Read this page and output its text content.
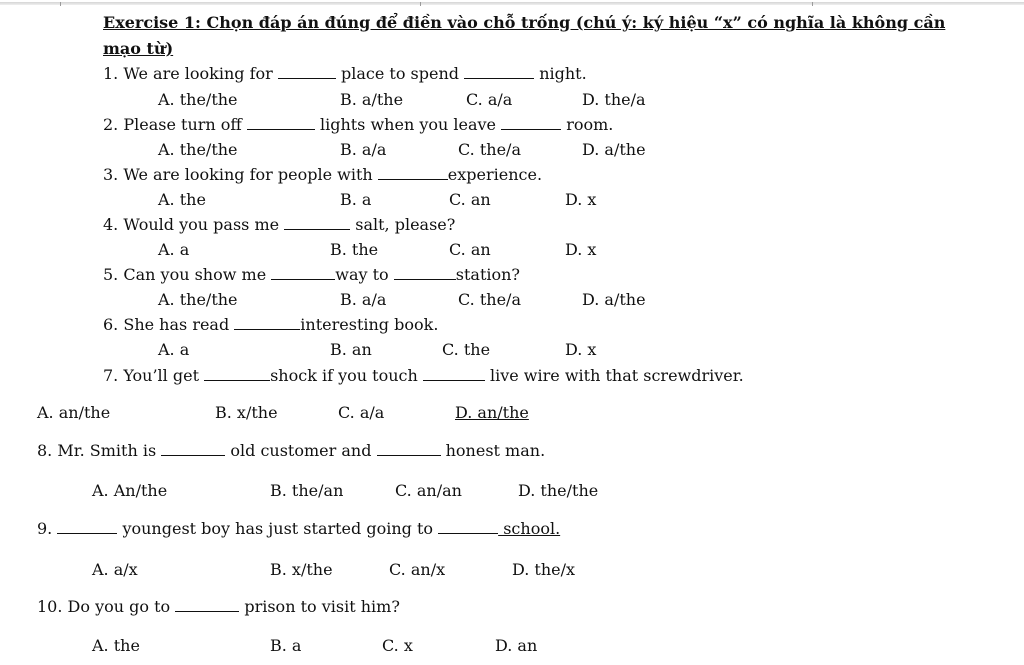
Exercise 1: Chọn đáp án đúng để điền vào chỗ trống (chú ý: ký hiệu “x” có nghĩa là không cần
mạo từ)
1. We are looking for	place to spend	night.
A. the/the	B. a/the	C. a/a	D. the/a
2. Please turn off	lights when you leave	room.
A. the/the	B. a/a	C. the/a	D. a/the
3. We are looking for people with	experience.
A. the	B. a	C. an	D. x
4. Would you pass me	salt, please?
A. a	B. the	C. an	D. x
5. Can you show me	way to	station?
A. the/the	B. a/a	C. the/a	D. a/the
6. She has read	interesting book.
A. a	B. an	C. the	D. x
7. You’ll get	shock if you touch	live wire with that screwdriver.
A. an/the	B. x/the	C. a/a	D. an/the
8. Mr. Smith is	old customer and	honest man.
A. An/the	B. the/an	C. an/an	D. the/the
9.	youngest boy has just started going to	school.
A. a/x	B. x/the	C. an/x	D. the/x
10. Do you go to	prison to visit him?
A. the	B. a	C. x	D. an
